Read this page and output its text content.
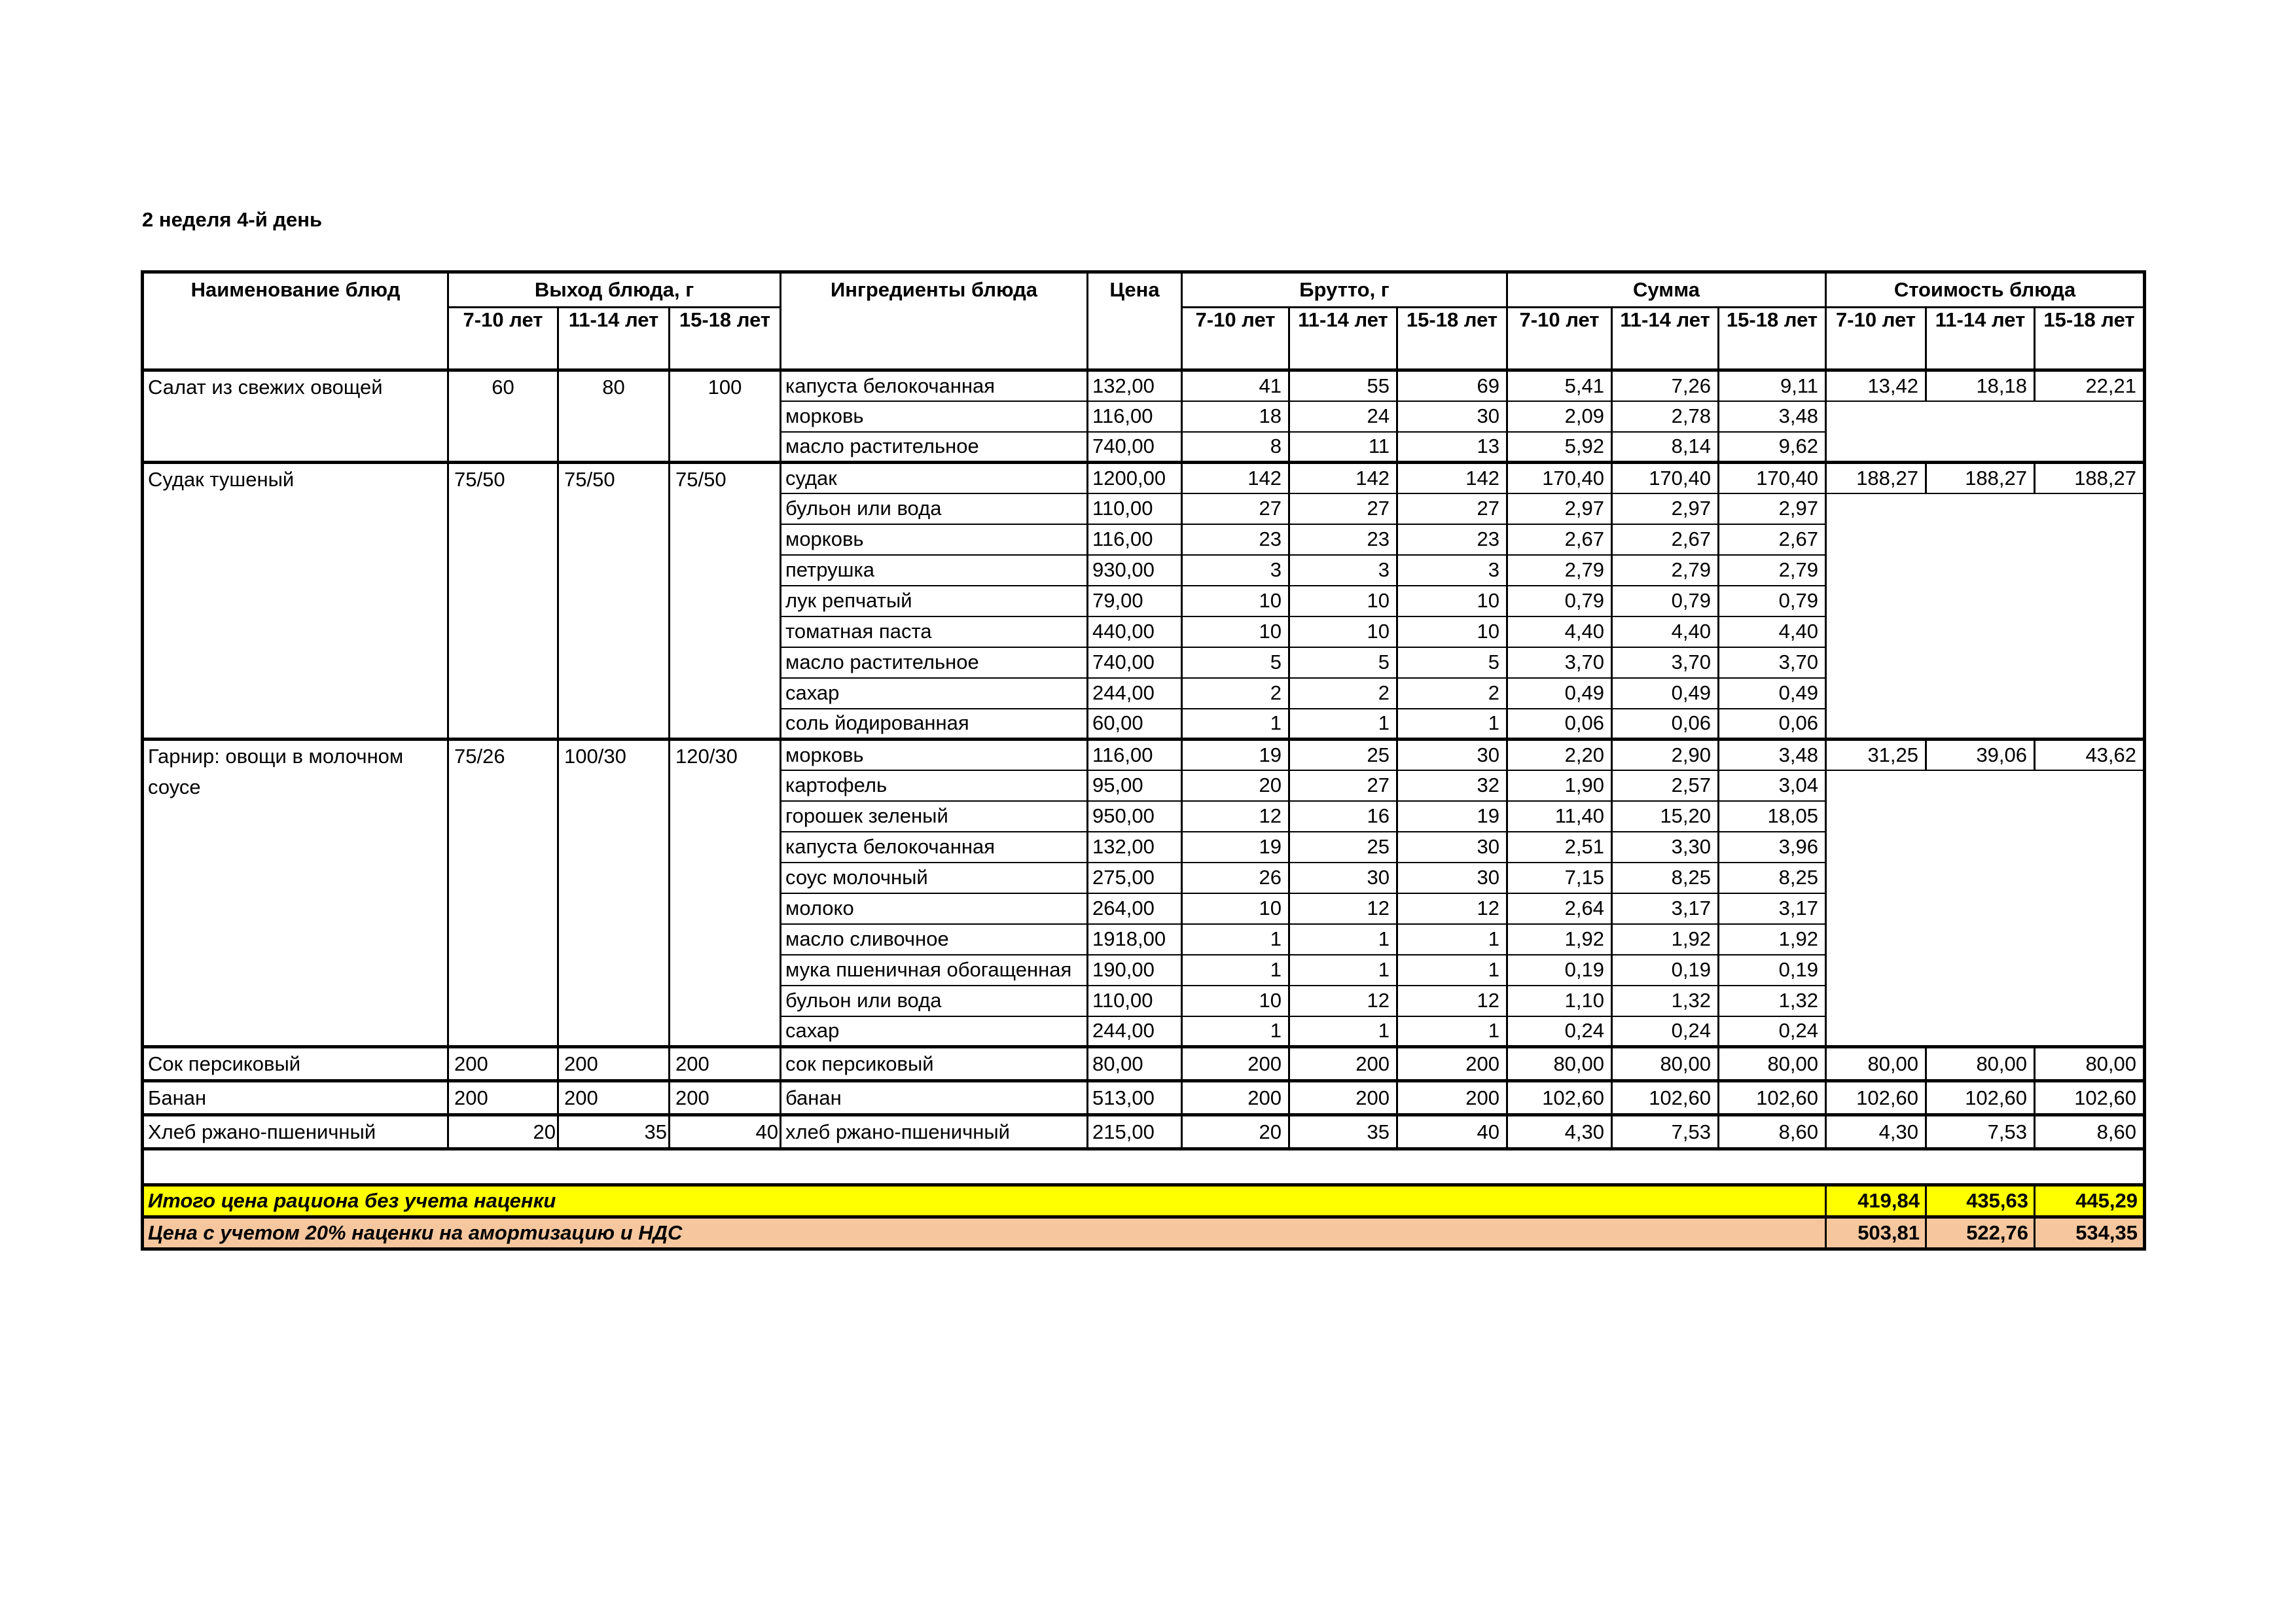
2 неделя 4-й день
Наименование блюд	Выход блюда, г			Ингредиенты блюда	Цена	Брутто, г			Сумма			Стоимость блюда		
	7-10 лет	11-14 лет	15-18 лет			7-10 лет	11-14 лет	15-18 лет	7-10 лет	11-14 лет	15-18 лет	7-10 лет	11-14 лет	15-18 лет
Салат из свежих овощей	60	80	100	капуста белокочанная	132,00	41	55	69	5,41	7,26	9,11	13,42	18,18	22,21
				морковь	116,00	18	24	30	2,09	2,78	3,48			
				масло растительное	740,00	8	11	13	5,92	8,14	9,62			
Судак тушеный	75/50	75/50	75/50	судак	1200,00	142	142	142	170,40	170,40	170,40	188,27	188,27	188,27
				бульон или вода	110,00	27	27	27	2,97	2,97	2,97			
				морковь	116,00	23	23	23	2,67	2,67	2,67			
				петрушка	930,00	3	3	3	2,79	2,79	2,79			
				лук репчатый	79,00	10	10	10	0,79	0,79	0,79			
				томатная паста	440,00	10	10	10	4,40	4,40	4,40			
				масло растительное	740,00	5	5	5	3,70	3,70	3,70			
				сахар	244,00	2	2	2	0,49	0,49	0,49			
				соль йодированная	60,00	1	1	1	0,06	0,06	0,06			
Гарнир: овощи в молочном соусе	75/26	100/30	120/30	морковь	116,00	19	25	30	2,20	2,90	3,48	31,25	39,06	43,62
				картофель	95,00	20	27	32	1,90	2,57	3,04			
				горошек зеленый	950,00	12	16	19	11,40	15,20	18,05			
				капуста белокочанная	132,00	19	25	30	2,51	3,30	3,96			
				соус молочный	275,00	26	30	30	7,15	8,25	8,25			
				молоко	264,00	10	12	12	2,64	3,17	3,17			
				масло сливочное	1918,00	1	1	1	1,92	1,92	1,92			
				мука пшеничная обогащенная	190,00	1	1	1	0,19	0,19	0,19			
				бульон или вода	110,00	10	12	12	1,10	1,32	1,32			
				сахар	244,00	1	1	1	0,24	0,24	0,24			
Сок персиковый	200	200	200	сок персиковый	80,00	200	200	200	80,00	80,00	80,00	80,00	80,00	80,00
Банан	200	200	200	банан	513,00	200	200	200	102,60	102,60	102,60	102,60	102,60	102,60
Хлеб ржано-пшеничный	20	35	40	хлеб ржано-пшеничный	215,00	20	35	40	4,30	7,53	8,60	4,30	7,53	8,60

Итого цена рациона без учета наценки												419,84	435,63	445,29
Цена с учетом 20% наценки на амортизацию и НДС												503,81	522,76	534,35
